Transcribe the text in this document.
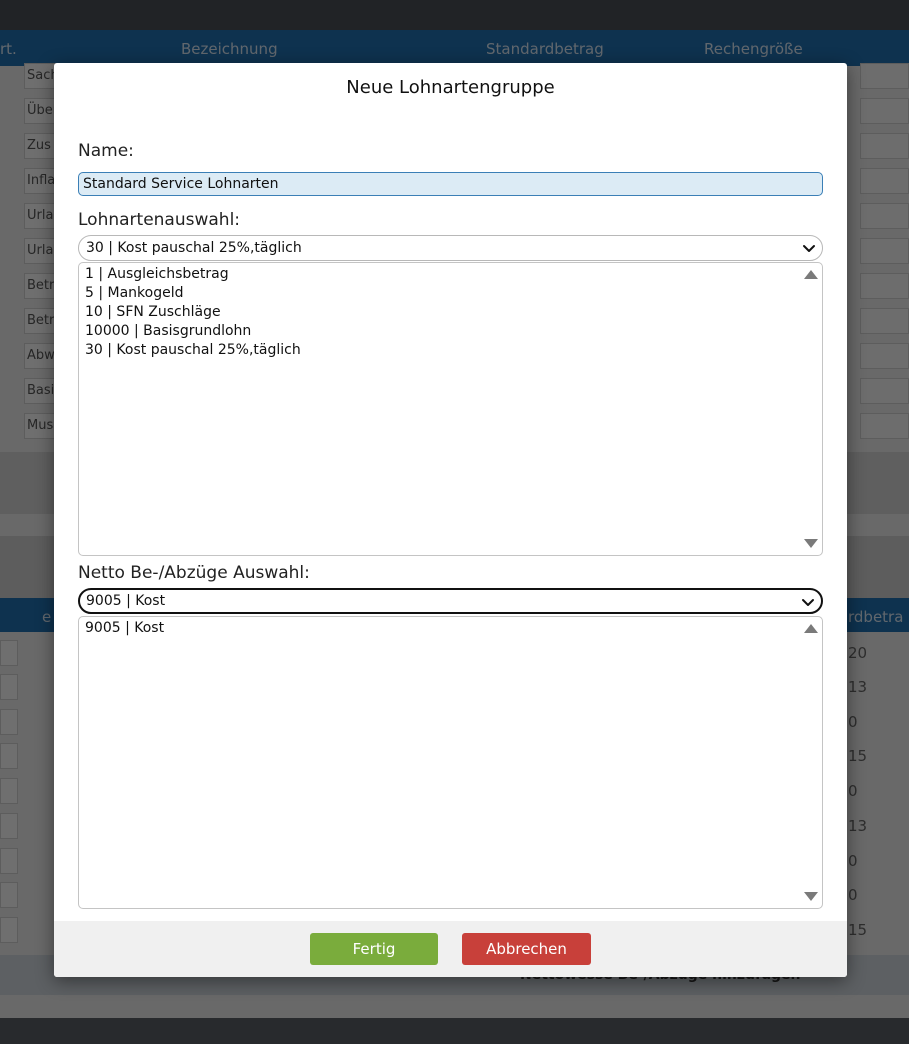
Neue Lohnartengruppe
Name:
Standard Service Lohnarten
Lohnartenauswahl:
30 | Kost pauschal 25%,täglich
1 | Ausgleichsbetrag
5 | Mankogeld
10 | SFN Zuschläge
10000 | Basisgrundlohn
30 | Kost pauschal 25%,täglich
Netto Be-/Abzüge Auswahl:
9005 | Kost
9005 | Kost
Fertig	Abbrechen
